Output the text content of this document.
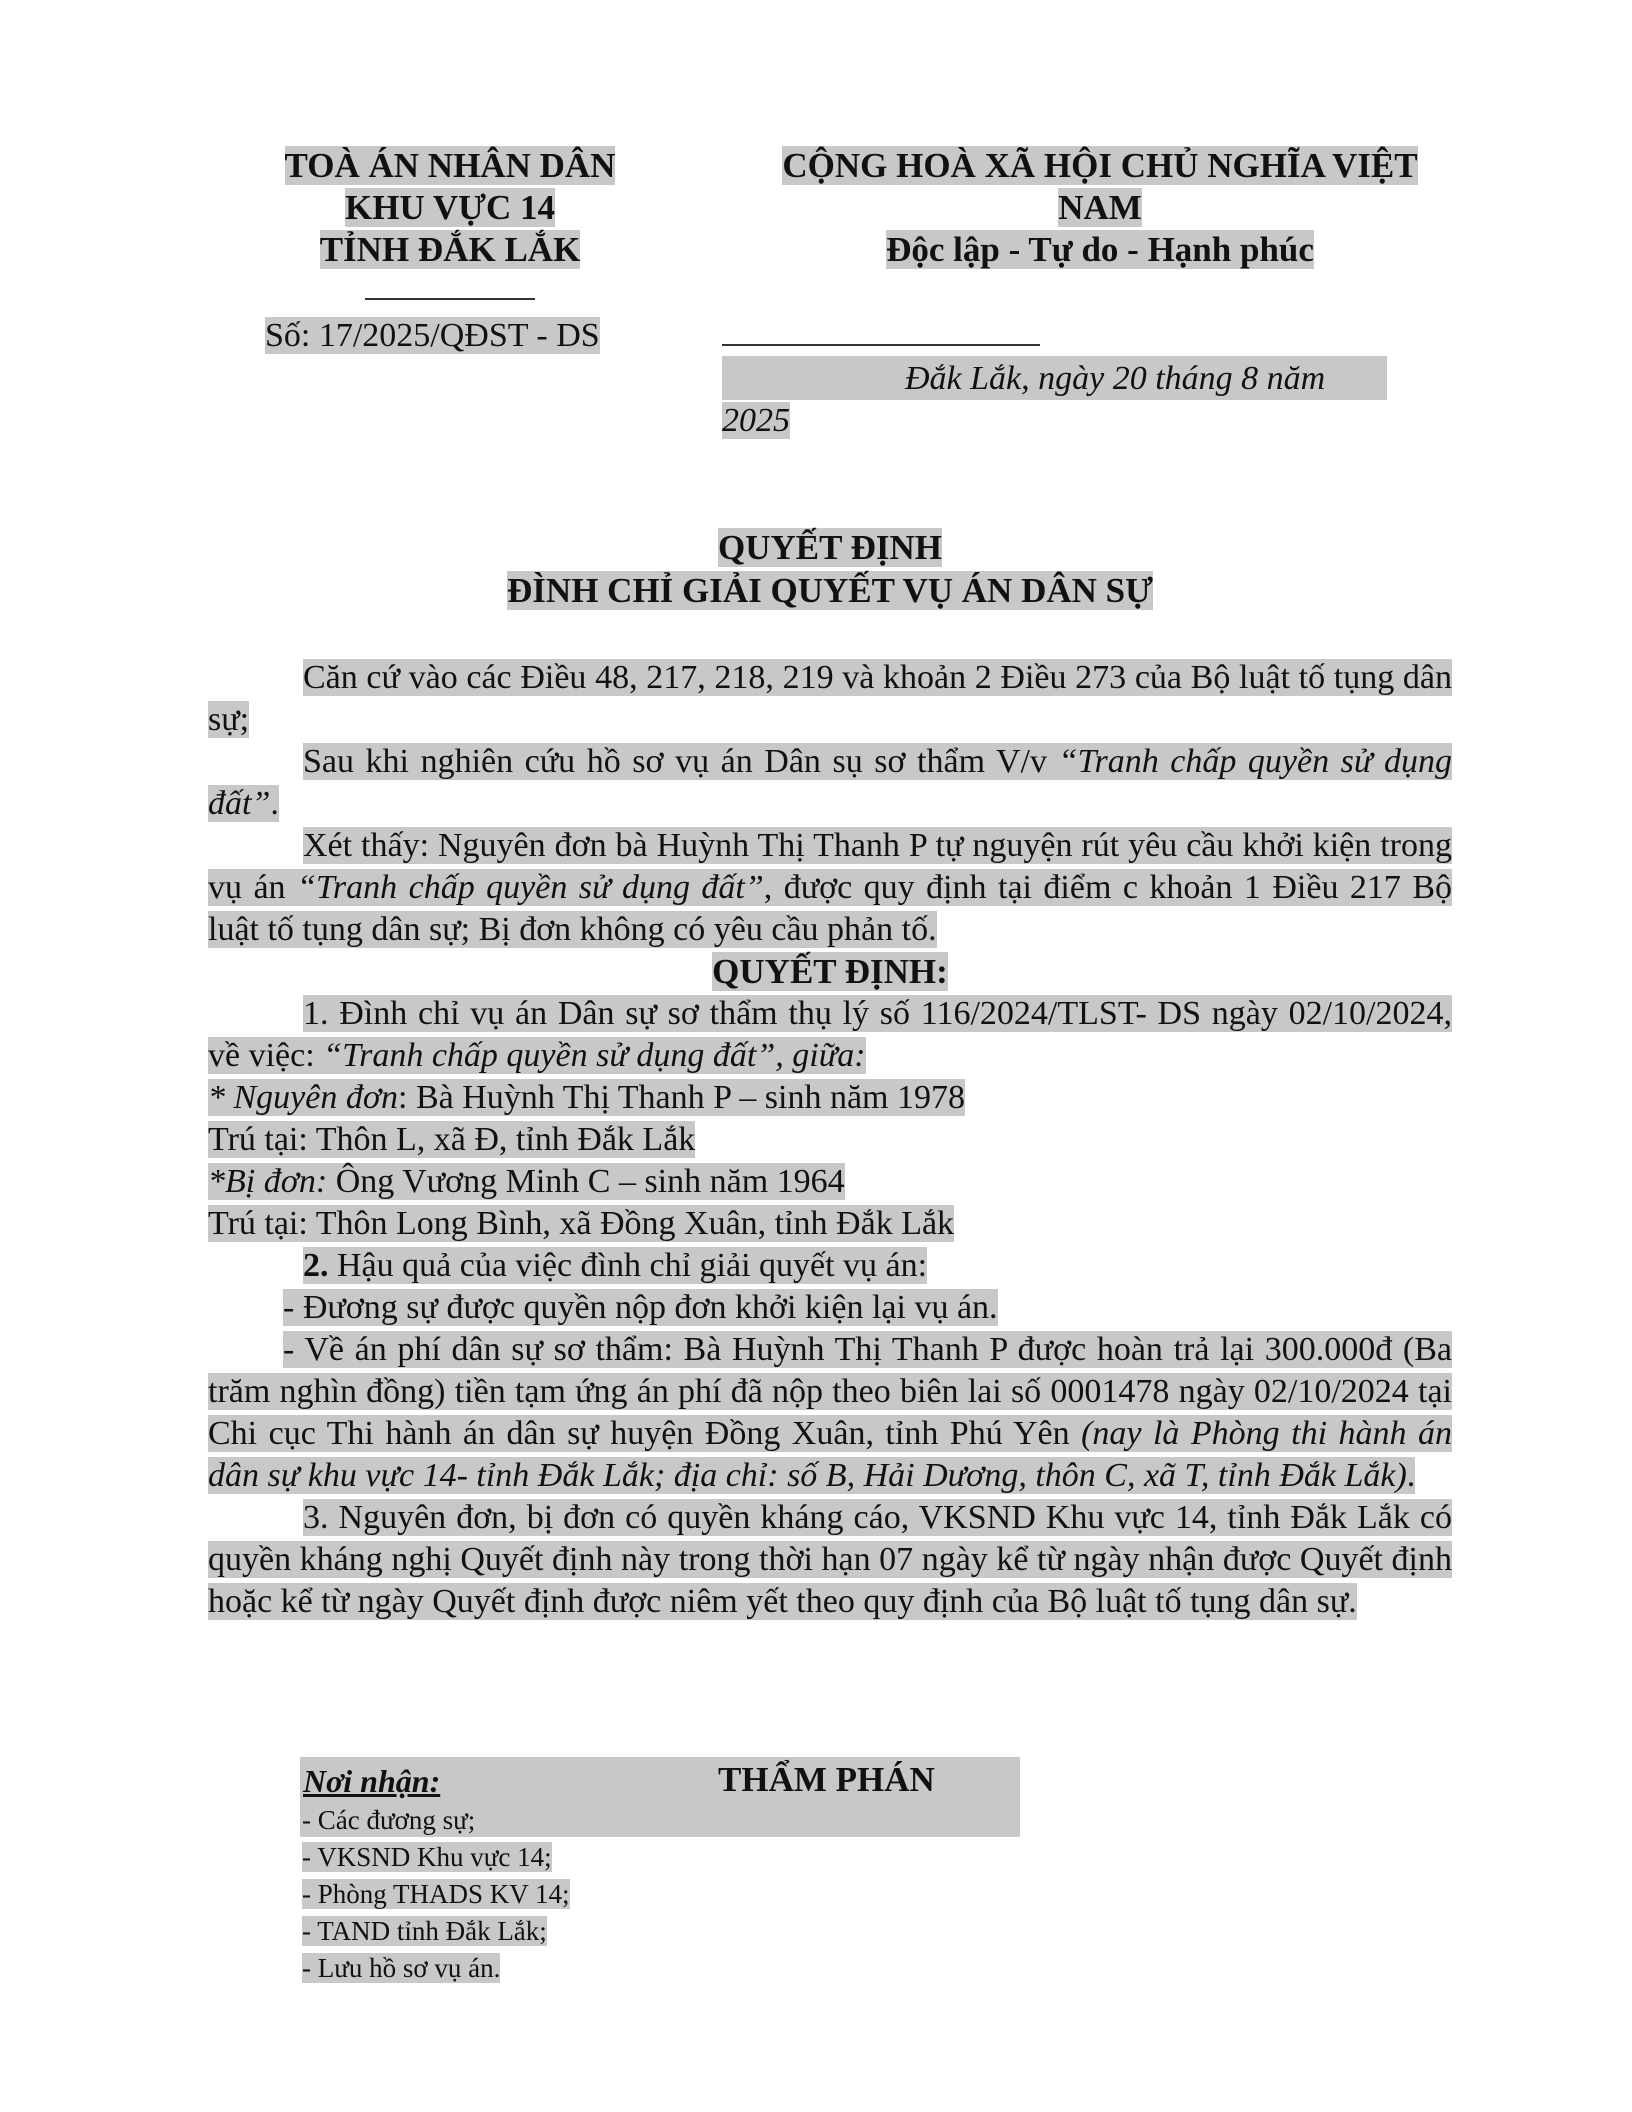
TOÀ ÁN NHÂN DÂN
KHU VỰC 14
TỈNH ĐẮK LẮK
Số: 17/2025/QĐST - DS
CỘNG HOÀ XÃ HỘI CHỦ NGHĨA VIỆT
NAM
Độc lập - Tự do - Hạnh phúc
Đắk Lắk, ngày 20 tháng 8 năm
2025
QUYẾT ĐỊNH
ĐÌNH CHỈ GIẢI QUYẾT VỤ ÁN DÂN SỰ

Căn cứ vào các Điều 48, 217, 218, 219 và khoản 2 Điều 273 của Bộ luật tố tụng dân sự;

Sau khi nghiên cứu hồ sơ vụ án Dân sụ sơ thẩm V/v “Tranh chấp quyền sử dụng đất”.

Xét thấy: Nguyên đơn bà Huỳnh Thị Thanh P tự nguyện rút yêu cầu khởi kiện trong vụ án “Tranh chấp quyền sử dụng đất”, được quy định tại điểm c khoản 1 Điều 217 Bộ luật tố tụng dân sự; Bị đơn không có yêu cầu phản tố.

QUYẾT ĐỊNH:

1. Đình chỉ vụ án Dân sự sơ thẩm thụ lý số 116/2024/TLST- DS ngày 02/10/2024, về việc: “Tranh chấp quyền sử dụng đất”, giữa:

* Nguyên đơn: Bà Huỳnh Thị Thanh P – sinh năm 1978

Trú tại: Thôn L, xã Đ, tỉnh Đắk Lắk

*Bị đơn: Ông Vương Minh C – sinh năm 1964

Trú tại: Thôn Long Bình, xã Đồng Xuân, tỉnh Đắk Lắk

2. Hậu quả của việc đình chỉ giải quyết vụ án:

- Đương sự được quyền nộp đơn khởi kiện lại vụ án.

- Về án phí dân sự sơ thẩm: Bà Huỳnh Thị Thanh P được hoàn trả lại 300.000đ (Ba trăm nghìn đồng) tiền tạm ứng án phí đã nộp theo biên lai số 0001478 ngày 02/10/2024 tại Chi cục Thi hành án dân sự huyện Đồng Xuân, tỉnh Phú Yên (nay là Phòng thi hành án dân sự khu vực 14- tỉnh Đắk Lắk; địa chỉ: số B, Hải Dương, thôn C, xã T, tỉnh Đắk Lắk).

3. Nguyên đơn, bị đơn có quyền kháng cáo, VKSND Khu vực 14, tỉnh Đắk Lắk có quyền kháng nghị Quyết định này trong thời hạn 07 ngày kể từ ngày nhận được Quyết định hoặc kể từ ngày Quyết định được niêm yết theo quy định của Bộ luật tố tụng dân sự.

Nơi nhận:	THẨM PHÁN
- Các đương sự;
- VKSND Khu vực 14;
- Phòng THADS KV 14;
- TAND tỉnh Đắk Lắk;
- Lưu hồ sơ vụ án.
